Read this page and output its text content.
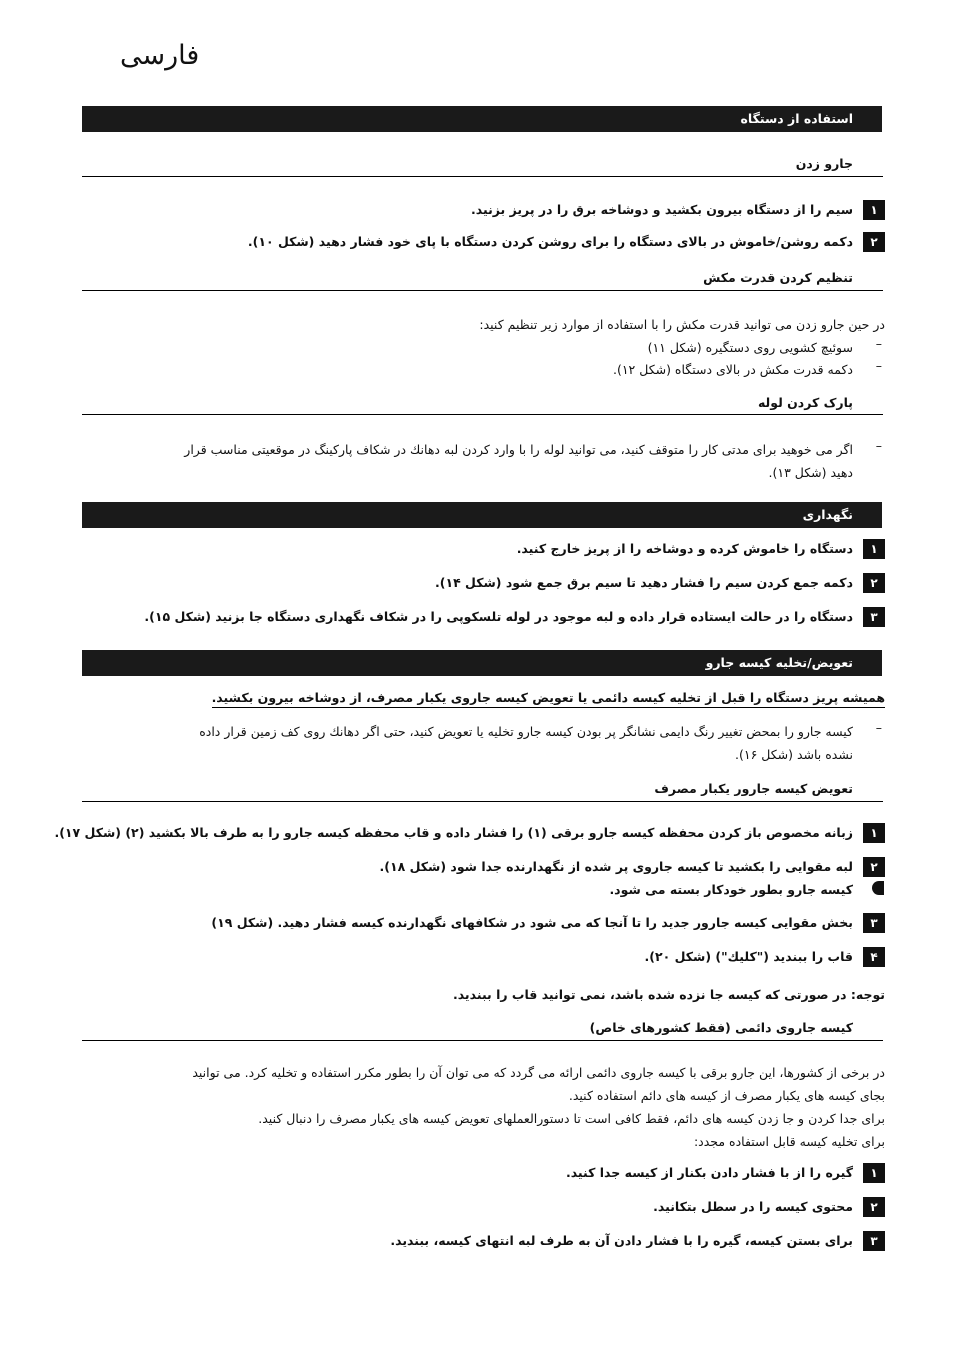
فارسی
استفاده از دستگاه
جارو زدن
۱
سیم را از دستگاه بیرون بکشید و دوشاخه برق را در پریز بزنید.
۲
دکمه روشن/خاموش در بالای دستگاه را برای روشن کردن دستگاه با پای خود فشار دهید (شکل ۱۰).
تنظیم کردن قدرت مکش
در حین جارو زدن می توانید قدرت مکش را با استفاده از موارد زیر تنظیم کنید:
–
سوئیچ کشویی روی دستگیره (شکل ۱۱)
–
دکمه قدرت مکش در بالای دستگاه (شکل ۱۲).
پارک کردن لوله
–
اگر می خوهید برای مدتی کار را متوقف کنید، می توانید لوله را با وارد کردن لبه دهانك در شکاف پارکینگ در موقعیتی مناسب قرار
دهید (شکل ۱۳).
نگهداری
۱
دستگاه را خاموش کرده و دوشاخه را از پریز خارج کنید.
۲
دکمه جمع کردن سیم را فشار دهید تا سیم برق جمع شود (شکل ۱۴).
۳
دستگاه را در حالت ایستاده قرار داده و لبه موجود در لوله تلسکوپی را در شکاف نگهداری دستگاه جا بزنید (شکل ۱۵).
تعویض/تخلیه کیسه جارو
همیشه پریز دستگاه را قبل از تخلیه کیسه دائمی یا تعویض کیسه جاروی یکبار مصرف، از دوشاخه بیرون بکشید.
–
کیسه جارو را بمحض تغییر رنگ دایمی نشانگر پر بودن کیسه جارو تخلیه یا تعویض کنید، حتی اگر دهانك روی کف زمین قرار داده
نشده باشد (شکل ۱۶).
تعویض کیسه جارور یکبار مصرف
۱
زبانه مخصوص باز کردن محفظه کیسه جارو برقی (۱) را فشار داده و قاب محفظه کیسه جارو را به طرف بالا بکشید (۲) (شکل ۱۷).
۲
لبه مقوایی را بکشید تا کیسه جاروی پر شده از نگهدارنده جدا شود (شکل ۱۸).
کیسه جارو بطور خودکار بسته می شود.
۳
بخش مقوایی کیسه جارور جدید را تا آنجا که می شود در شکافهای نگهدارنده کیسه فشار دهید. (شکل ۱۹)
۴
قاب را ببندید ("کلیك") (شکل ۲۰).
توجه: در صورتی که کیسه جا نزده شده باشد، نمی توانید قاب را ببندید.
کیسه جاروی دائمی (فقط کشورهای خاص)
در برخی از کشورها، این جارو برقی با کیسه جاروی دائمی ارائه می گردد که می توان آن را بطور مکرر استفاده و تخلیه کرد. می توانید
بجای کیسه های یکبار مصرف از کیسه های دائم استفاده کنید.
برای جدا کردن و جا زدن کیسه های دائم، فقط کافی است تا دستورالعملهای تعویض کیسه های یکبار مصرف را دنبال کنید.
برای تخلیه کیسه قابل استفاده مجدد:
۱
گیره را از با فشار دادن بکنار از کیسه جدا کنید.
۲
محتوی کیسه را در سطل بتکانید.
۳
برای بستن کیسه، گیره را با فشار دادن آن به طرف لبه انتهای کیسه، ببندید.
